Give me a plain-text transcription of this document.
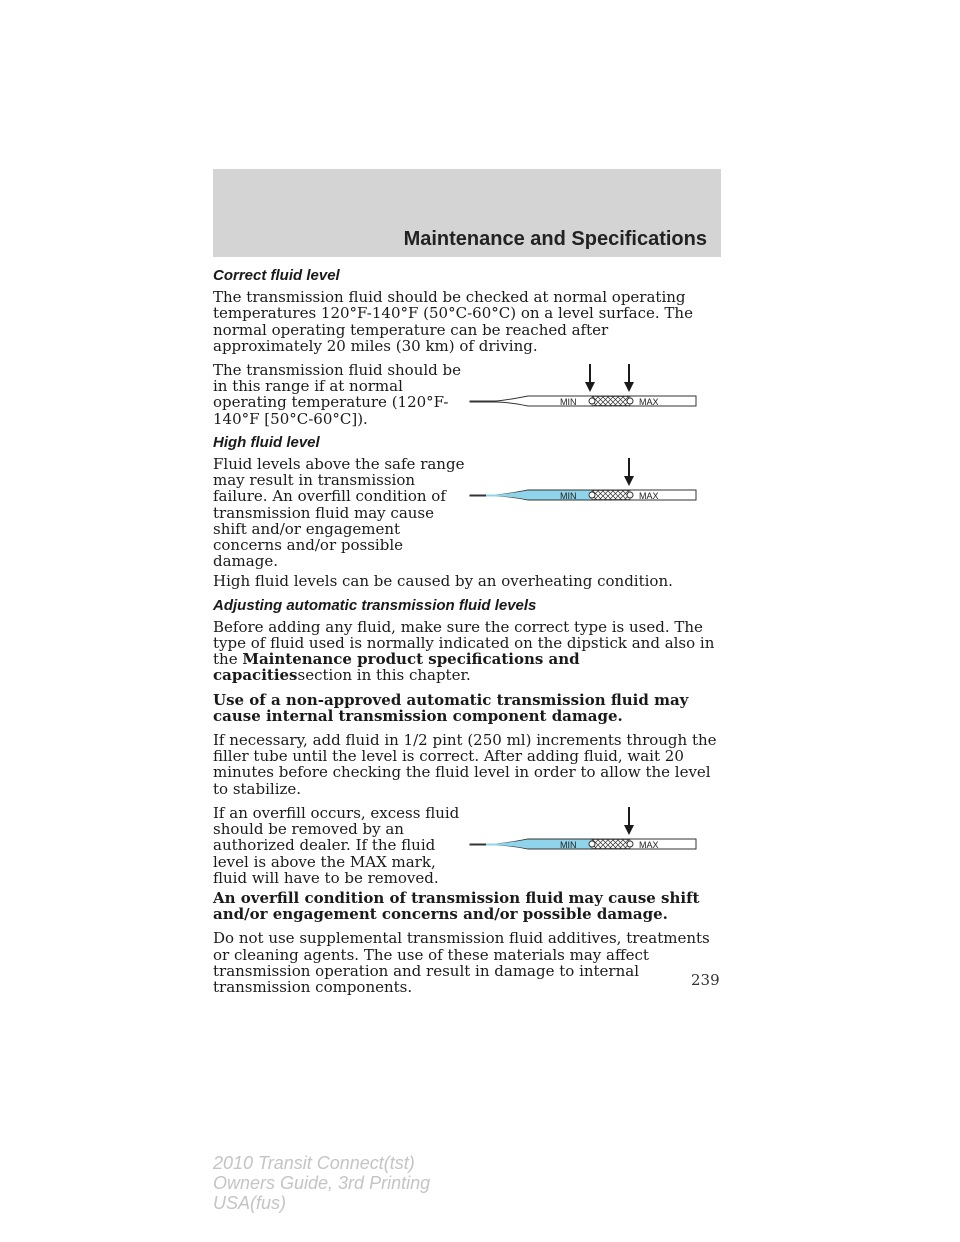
Maintenance and Specifications
Correct fluid level

The transmission fluid should be checked at normal operating temperatures 120°F-140°F (50°C-60°C) on a level surface. The normal operating temperature can be reached after approximately 20 miles (30 km) of driving.

The transmission fluid should be in this range if at normal operating temperature (120°F-140°F [50°C-60°C]).

MIN	MAX
High fluid level

Fluid levels above the safe range may result in transmission failure. An overfill condition of transmission fluid may cause shift and/or engagement concerns and/or possible damage.

MIN	MAX

High fluid levels can be caused by an overheating condition.

Adjusting automatic transmission fluid levels

Before adding any fluid, make sure the correct type is used. The type of fluid used is normally indicated on the dipstick and also in the Maintenance product specifications and capacitiessection in this chapter.

Use of a non-approved automatic transmission fluid may cause internal transmission component damage.

If necessary, add fluid in 1/2 pint (250 ml) increments through the filler tube until the level is correct. After adding fluid, wait 20 minutes before checking the fluid level in order to allow the level to stabilize.

If an overfill occurs, excess fluid should be removed by an authorized dealer. If the fluid level is above the MAX mark, fluid will have to be removed.

MIN	MAX

An overfill condition of transmission fluid may cause shift and/or engagement concerns and/or possible damage.

Do not use supplemental transmission fluid additives, treatments or cleaning agents. The use of these materials may affect transmission operation and result in damage to internal transmission components.	239
2010 Transit Connect(tst)
Owners Guide, 3rd Printing
USA(fus)
